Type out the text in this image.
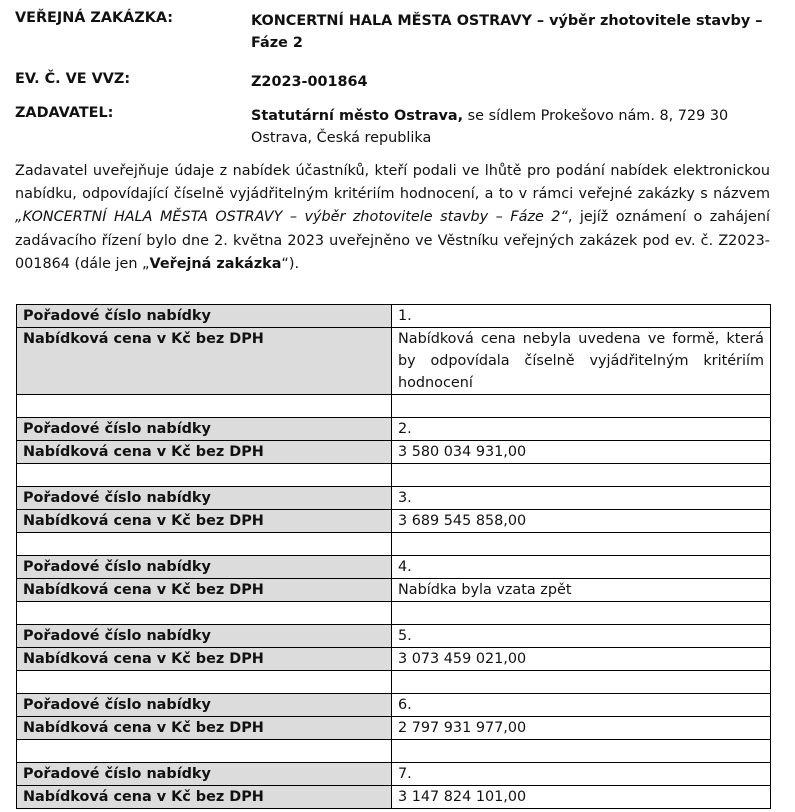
VEŘEJNÁ ZAKÁZKA:	KONCERTNÍ HALA MĚSTA OSTRAVY – výběr zhotovitele stavby – Fáze 2
EV. Č. VE VVZ:	Z2023-001864
ZADAVATEL:	Statutární město Ostrava, se sídlem Prokešovo nám. 8, 729 30 Ostrava, Česká republika
Zadavatel uveřejňuje údaje z nabídek účastníků, kteří podali ve lhůtě pro podání nabídek elektronickou nabídku, odpovídající číselně vyjádřitelným kritériím hodnocení, a to v rámci veřejné zakázky s názvem „KONCERTNÍ HALA MĚSTA OSTRAVY – výběr zhotovitele stavby – Fáze 2“, jejíž oznámení o zahájení zadávacího řízení bylo dne 2. května 2023 uveřejněno ve Věstníku veřejných zakázek pod ev. č. Z2023-001864 (dále jen „Veřejná zakázka“).
Pořadové číslo nabídky	1.
Nabídková cena v Kč bez DPH	Nabídková cena nebyla uvedena ve formě, která by odpovídala číselně vyjádřitelným kritériím hodnocení

Pořadové číslo nabídky	2.
Nabídková cena v Kč bez DPH	3 580 034 931,00

Pořadové číslo nabídky	3.
Nabídková cena v Kč bez DPH	3 689 545 858,00

Pořadové číslo nabídky	4.
Nabídková cena v Kč bez DPH	Nabídka byla vzata zpět

Pořadové číslo nabídky	5.
Nabídková cena v Kč bez DPH	3 073 459 021,00

Pořadové číslo nabídky	6.
Nabídková cena v Kč bez DPH	2 797 931 977,00

Pořadové číslo nabídky	7.
Nabídková cena v Kč bez DPH	3 147 824 101,00
